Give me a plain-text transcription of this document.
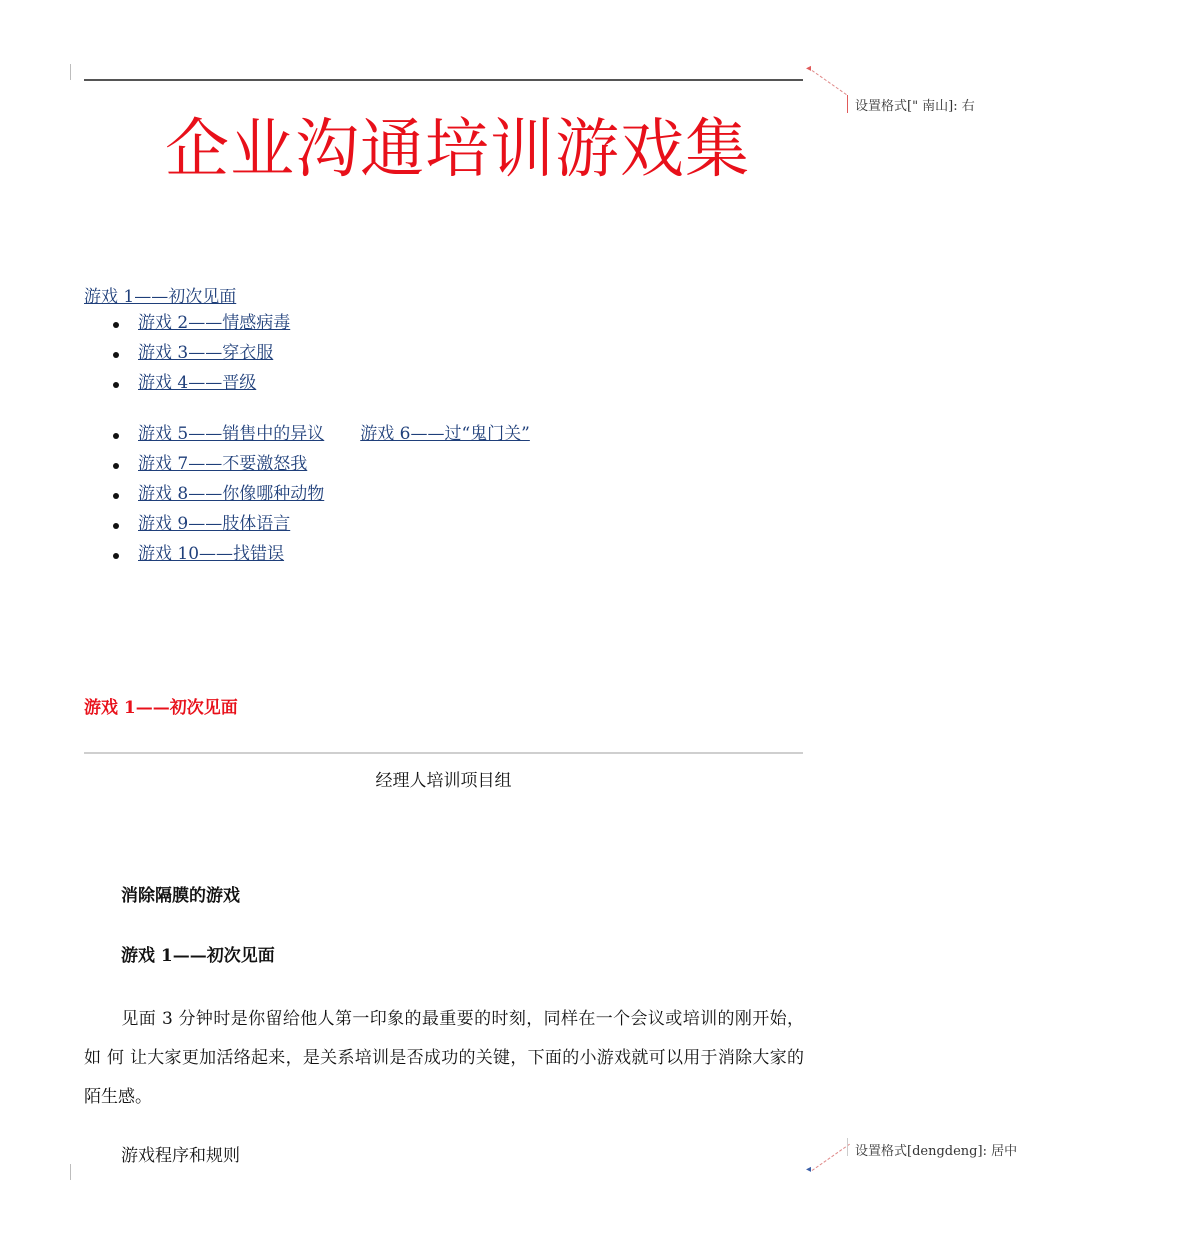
◂
设置格式[" 南山]: 右
企业沟通培训游戏集
游戏 1——初次见面
游戏 2——情感病毒
游戏 3——穿衣服
游戏 4——晋级
游戏 5——销售中的异议 游戏 6——过“鬼门关”
游戏 7——不要激怒我
游戏 8——你像哪种动物
游戏 9——肢体语言
游戏 10——找错误
游戏 1——初次见面
经理人培训项目组
消除隔膜的游戏
游戏 1——初次见面
见面 3 分钟时是你留给他人第一印象的最重要的时刻，同样在一个会议或培训的刚开始，如 何 让大家更加活络起来，是关系培训是否成功的关键，下面的小游戏就可以用于消除大家的陌生感。
游戏程序和规则
◂
设置格式[dengdeng]: 居中
